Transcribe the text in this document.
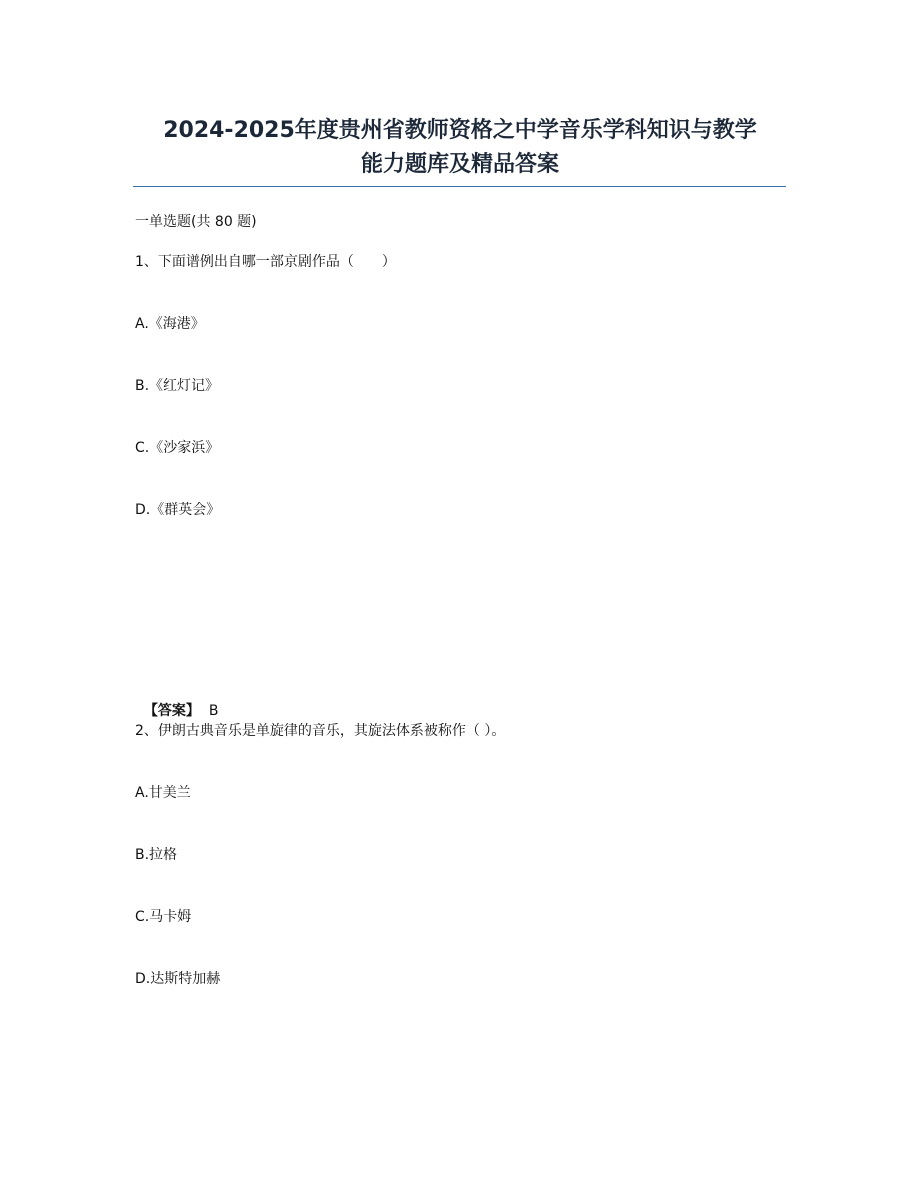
2024-2025年度贵州省教师资格之中学音乐学科知识与教学
能力题库及精品答案
一单选题(共 80 题)
1、下面谱例出自哪一部京剧作品（　　）
A.《海港》
B.《红灯记》
C.《沙家浜》
D.《群英会》

【答案】 B

2、伊朗古典音乐是单旋律的音乐，其旋法体系被称作（ ）。
A.甘美兰
B.拉格
C.马卡姆
D.达斯特加赫
